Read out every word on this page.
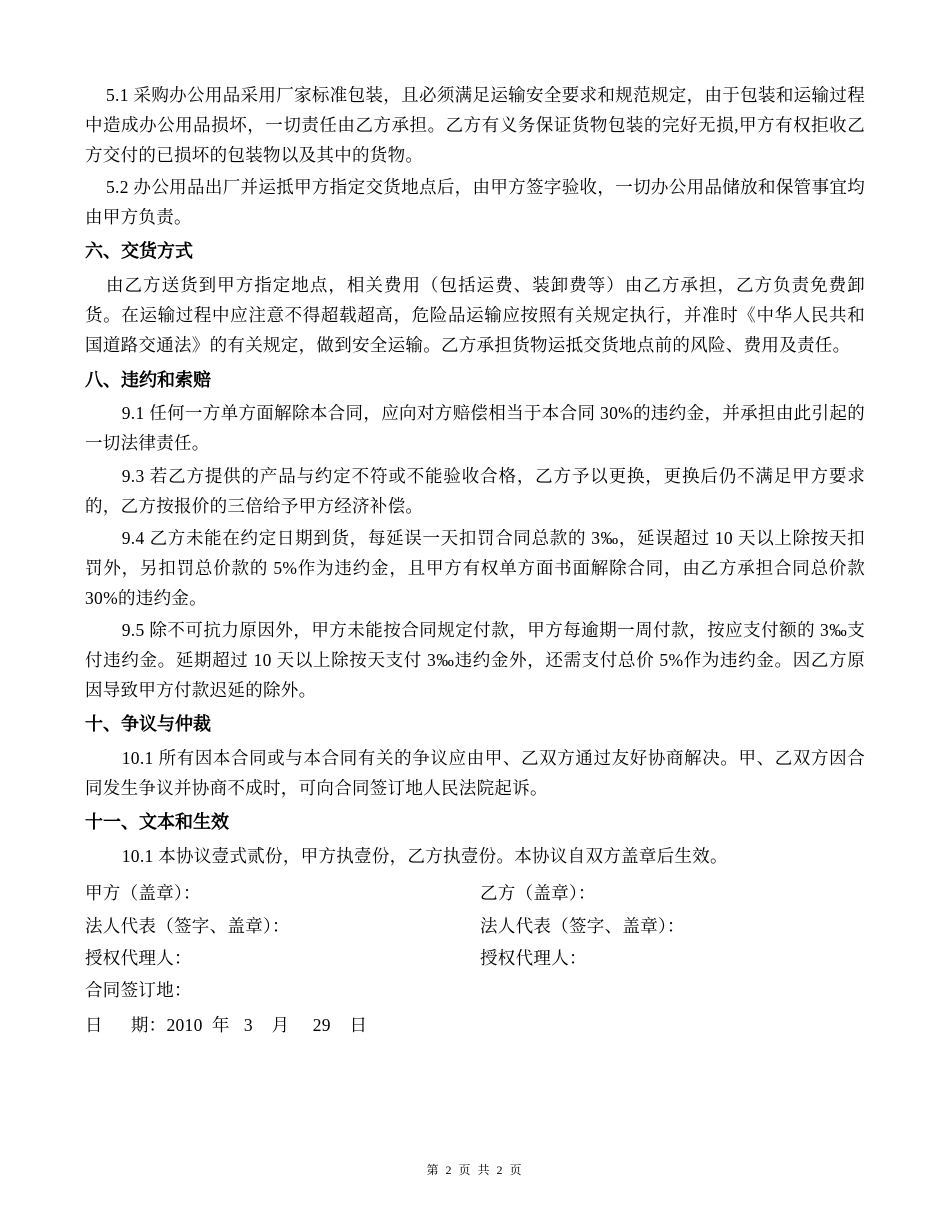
5.1 采购办公用品采用厂家标准包装，且必须满足运输安全要求和规范规定，由于包装和运输过程中造成办公用品损坏，一切责任由乙方承担。乙方有义务保证货物包装的完好无损,甲方有权拒收乙方交付的已损坏的包装物以及其中的货物。

5.2 办公用品出厂并运抵甲方指定交货地点后，由甲方签字验收，一切办公用品储放和保管事宜均由甲方负责。

六、交货方式

由乙方送货到甲方指定地点，相关费用（包括运费、装卸费等）由乙方承担，乙方负责免费卸货。在运输过程中应注意不得超载超高，危险品运输应按照有关规定执行，并准时《中华人民共和国道路交通法》的有关规定，做到安全运输。乙方承担货物运抵交货地点前的风险、费用及责任。

八、违约和索赔

9.1 任何一方单方面解除本合同，应向对方赔偿相当于本合同 30%的违约金，并承担由此引起的一切法律责任。

9.3 若乙方提供的产品与约定不符或不能验收合格，乙方予以更换，更换后仍不满足甲方要求的，乙方按报价的三倍给予甲方经济补偿。

9.4 乙方未能在约定日期到货，每延误一天扣罚合同总款的 3‰，延误超过 10 天以上除按天扣罚外，另扣罚总价款的 5%作为违约金，且甲方有权单方面书面解除合同，由乙方承担合同总价款 30%的违约金。

9.5 除不可抗力原因外，甲方未能按合同规定付款，甲方每逾期一周付款，按应支付额的 3‰支付违约金。延期超过 10 天以上除按天支付 3‰违约金外，还需支付总价 5%作为违约金。因乙方原因导致甲方付款迟延的除外。

十、争议与仲裁

10.1 所有因本合同或与本合同有关的争议应由甲、乙双方通过友好协商解决。甲、乙双方因合同发生争议并协商不成时，可向合同签订地人民法院起诉。

十一、文本和生效

10.1 本协议壹式贰份，甲方执壹份，乙方执壹份。本协议自双方盖章后生效。

甲方（盖章）：	乙方（盖章）：
法人代表（签字、盖章）：	法人代表（签字、盖章）：
授权代理人：	授权代理人：
合同签订地：
日      期：2010  年   3    月     29    日
第 2 页 共 2 页
